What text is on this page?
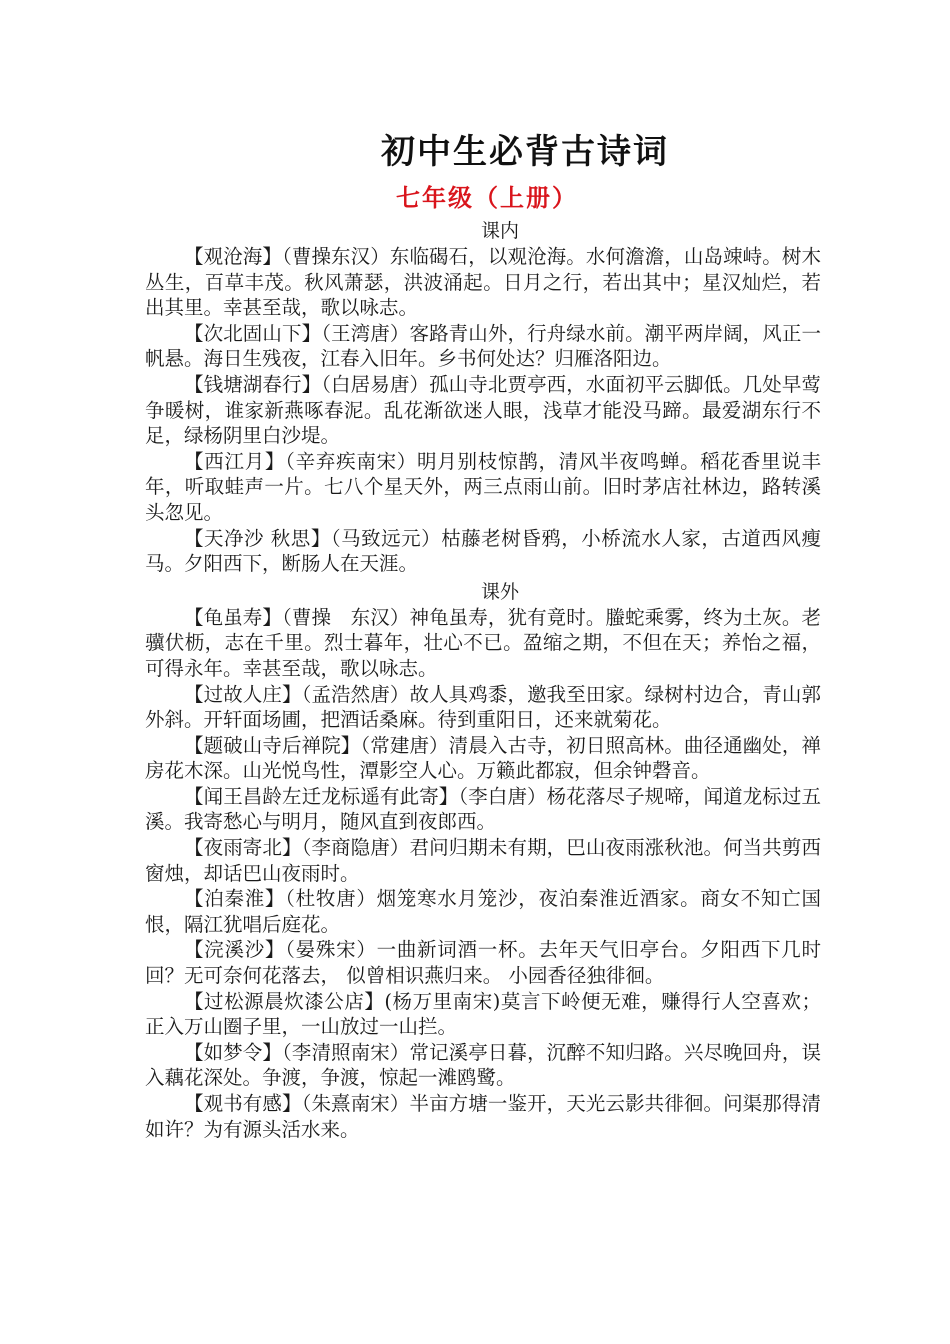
初中生必背古诗词
七年级（上册）
课内

【观沧海】（曹操东汉）东临碣石，以观沧海。水何澹澹，山岛竦峙。树木丛生，百草丰茂。秋风萧瑟，洪波涌起。日月之行，若出其中；星汉灿烂，若出其里。幸甚至哉，歌以咏志。

【次北固山下】（王湾唐）客路青山外，行舟绿水前。潮平两岸阔，风正一帆悬。海日生残夜，江春入旧年。乡书何处达？归雁洛阳边。

【钱塘湖春行】（白居易唐）孤山寺北贾亭西，水面初平云脚低。几处早莺争暖树，谁家新燕啄春泥。乱花渐欲迷人眼，浅草才能没马蹄。最爱湖东行不足，绿杨阴里白沙堤。

【西江月】（辛弃疾南宋）明月别枝惊鹊，清风半夜鸣蝉。稻花香里说丰年，听取蛙声一片。七八个星天外，两三点雨山前。旧时茅店社林边，路转溪头忽见。

【天净沙 秋思】（马致远元）枯藤老树昏鸦，小桥流水人家，古道西风瘦马。夕阳西下，断肠人在天涯。

课外

【龟虽寿】（曹操　东汉）神龟虽寿，犹有竟时。螣蛇乘雾，终为土灰。老骥伏枥，志在千里。烈士暮年，壮心不已。盈缩之期，不但在天；养怡之福，可得永年。幸甚至哉，歌以咏志。

【过故人庄】（孟浩然唐）故人具鸡黍，邀我至田家。绿树村边合，青山郭外斜。开轩面场圃，把酒话桑麻。待到重阳日，还来就菊花。

【题破山寺后禅院】（常建唐）清晨入古寺，初日照高林。曲径通幽处，禅房花木深。山光悦鸟性，潭影空人心。万籁此都寂，但余钟磬音。

【闻王昌龄左迁龙标遥有此寄】（李白唐）杨花落尽子规啼，闻道龙标过五溪。我寄愁心与明月，随风直到夜郎西。

【夜雨寄北】（李商隐唐）君问归期未有期，巴山夜雨涨秋池。何当共剪西窗烛，却话巴山夜雨时。

【泊秦淮】（杜牧唐）烟笼寒水月笼沙，夜泊秦淮近酒家。商女不知亡国恨，隔江犹唱后庭花。

【浣溪沙】（晏殊宋）一曲新词酒一杯。去年天气旧亭台。夕阳西下几时回？无可奈何花落去， 似曾相识燕归来。 小园香径独徘徊。

【过松源晨炊漆公店】(杨万里南宋)莫言下岭便无难，赚得行人空喜欢；正入万山圈子里，一山放过一山拦。

【如梦令】（李清照南宋）常记溪亭日暮，沉醉不知归路。兴尽晚回舟，误入藕花深处。争渡，争渡，惊起一滩鸥鹭。

【观书有感】（朱熹南宋）半亩方塘一鉴开，天光云影共徘徊。问渠那得清如许？为有源头活水来。
